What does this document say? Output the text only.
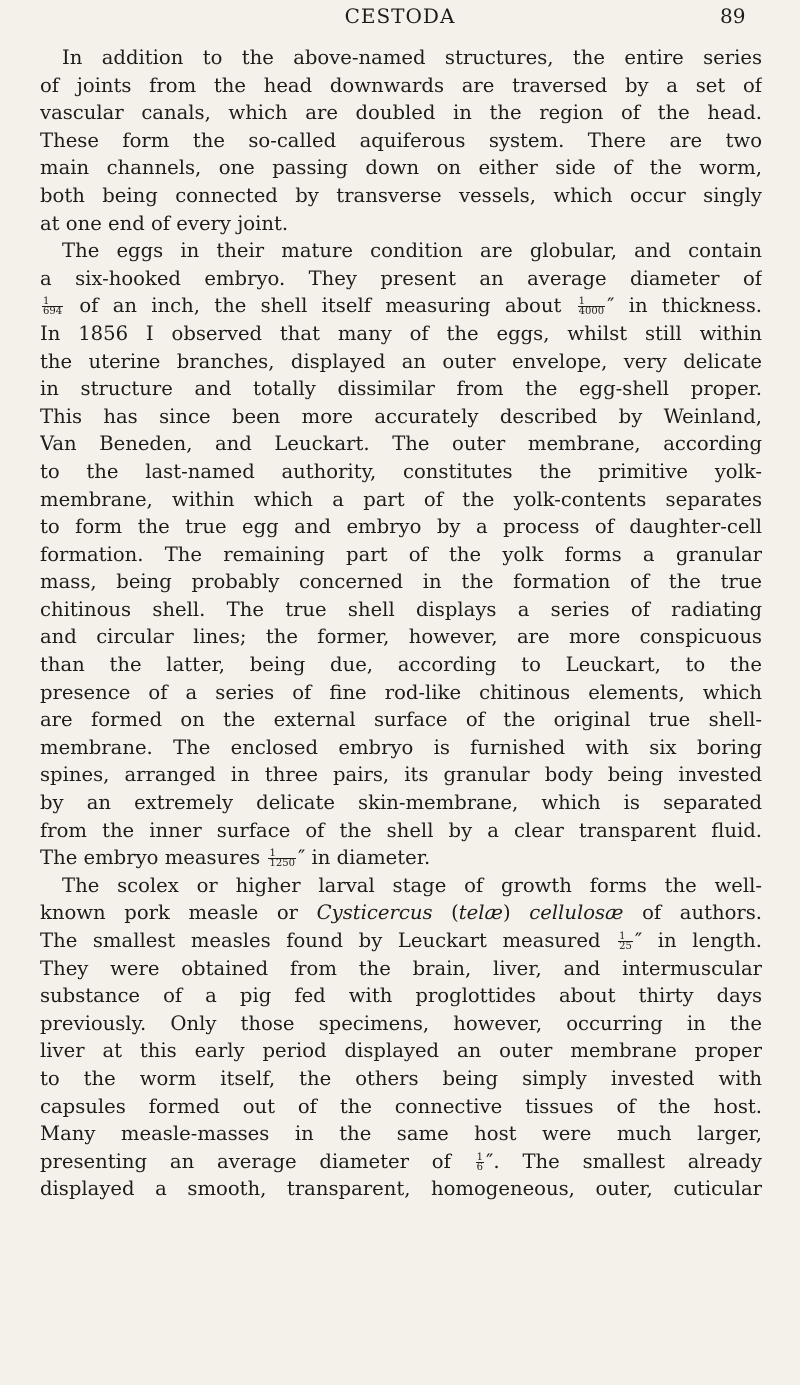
CESTODA	89
In addition to the above-named structures, the entire series
of joints from the head downwards are traversed by a set of
vascular canals, which are doubled in the region of the head.
These form the so-called aquiferous system. There are two
main channels, one passing down on either side of the worm,
both being connected by transverse vessels, which occur singly
at one end of every joint.
The eggs in their mature condition are globular, and contain
a six-hooked embryo. They present an average diameter of
$\frac{1}{694}$ of an inch, the shell itself measuring about $\frac{1}{4000}$ ″ in thickness.
In 1856 I observed that many of the eggs, whilst still within
the uterine branches, displayed an outer envelope, very delicate
in structure and totally dissimilar from the egg-shell proper.
This has since been more accurately described by Weinland,
Van Beneden, and Leuckart. The outer membrane, according
to the last-named authority, constitutes the primitive yolk-
membrane, within which a part of the yolk-contents separates
to form the true egg and embryo by a process of daughter-cell
formation. The remaining part of the yolk forms a granular
mass, being probably concerned in the formation of the true
chitinous shell. The true shell displays a series of radiating
and circular lines; the former, however, are more conspicuous
than the latter, being due, according to Leuckart, to the
presence of a series of fine rod-like chitinous elements, which
are formed on the external surface of the original true shell-
membrane. The enclosed embryo is furnished with six boring
spines, arranged in three pairs, its granular body being invested
by an extremely delicate skin-membrane, which is separated
from the inner surface of the shell by a clear transparent fluid.
The embryo measures $\frac{1}{1250}$ ″ in diameter.
The scolex or higher larval stage of growth forms the well-
known pork measle or Cysticercus (telæ) cellulosæ of authors.
The smallest measles found by Leuckart measured $\frac{1}{25}$ ″ in length.
They were obtained from the brain, liver, and intermuscular
substance of a pig fed with proglottides about thirty days
previously. Only those specimens, however, occurring in the
liver at this early period displayed an outer membrane proper
to the worm itself, the others being simply invested with
capsules formed out of the connective tissues of the host.
Many measle-masses in the same host were much larger,
presenting an average diameter of $\frac{1}{6}$ ″. The smallest already
displayed a smooth, transparent, homogeneous, outer, cuticular
